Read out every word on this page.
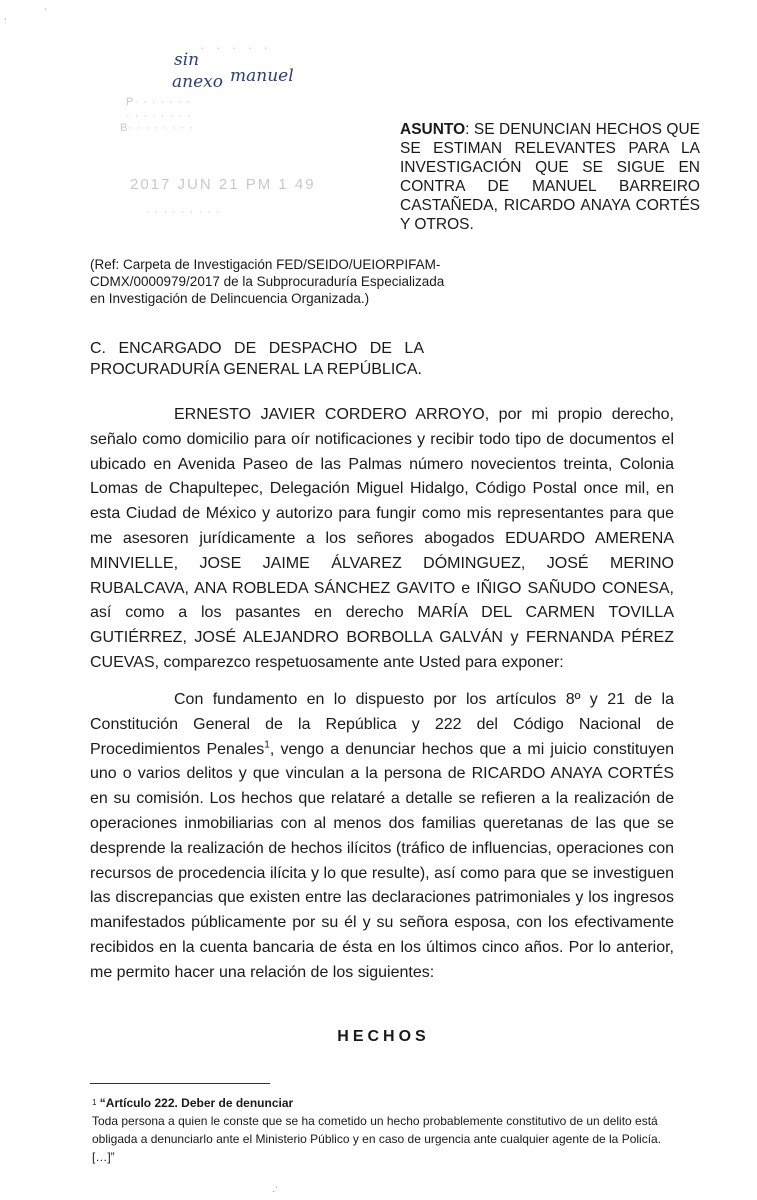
ˈ
ˈ
· · · · ·
P· · · · · · ·
· · · · · · · ·
B· · · · · · · ·
2017 JUN 21 PM 1 49
· · · · · · · · ·
sin
anexo manuel
ASUNTO: SE DENUNCIAN HECHOS QUE SE ESTIMAN RELEVANTES PARA LA INVESTIGACIÓN QUE SE SIGUE EN CONTRA DE MANUEL BARREIRO CASTAÑEDA, RICARDO ANAYA CORTÉS Y OTROS.
(Ref: Carpeta de Investigación FED/SEIDO/UEIORPIFAM-CDMX/0000979/2017 de la Subprocuraduría Especializada en Investigación de Delincuencia Organizada.)
C. ENCARGADO DE DESPACHO DE LA PROCURADURÍA GENERAL LA REPÚBLICA.
ERNESTO JAVIER CORDERO ARROYO, por mi propio derecho, señalo como domicilio para oír notificaciones y recibir todo tipo de documentos el ubicado en Avenida Paseo de las Palmas número novecientos treinta, Colonia Lomas de Chapultepec, Delegación Miguel Hidalgo, Código Postal once mil, en esta Ciudad de México y autorizo para fungir como mis representantes para que me asesoren jurídicamente a los señores abogados EDUARDO AMERENA MINVIELLE, JOSE JAIME ÁLVAREZ DÓMINGUEZ, JOSÉ MERINO RUBALCAVA, ANA ROBLEDA SÁNCHEZ GAVITO e IÑIGO SAÑUDO CONESA, así como a los pasantes en derecho MARÍA DEL CARMEN TOVILLA GUTIÉRREZ, JOSÉ ALEJANDRO BORBOLLA GALVÁN y FERNANDA PÉREZ CUEVAS, comparezco respetuosamente ante Usted para exponer:
Con fundamento en lo dispuesto por los artículos 8º y 21 de la Constitución General de la República y 222 del Código Nacional de Procedimientos Penales$^1$, vengo a denunciar hechos que a mi juicio constituyen uno o varios delitos y que vinculan a la persona de RICARDO ANAYA CORTÉS en su comisión. Los hechos que relataré a detalle se refieren a la realización de operaciones inmobiliarias con al menos dos familias queretanas de las que se desprende la realización de hechos ilícitos (tráfico de influencias, operaciones con recursos de procedencia ilícita y lo que resulte), así como para que se investiguen las discrepancias que existen entre las declaraciones patrimoniales y los ingresos manifestados públicamente por su él y su señora esposa, con los efectivamente recibidos en la cuenta bancaria de ésta en los últimos cinco años. Por lo anterior, me permito hacer una relación de los siguientes:
HECHOS
$^1$ “Artículo 222. Deber de denunciar
Toda persona a quien le conste que se ha cometido un hecho probablemente constitutivo de un delito está obligada a denunciarlo ante el Ministerio Público y en caso de urgencia ante cualquier agente de la Policía.
[…]”
·˙
